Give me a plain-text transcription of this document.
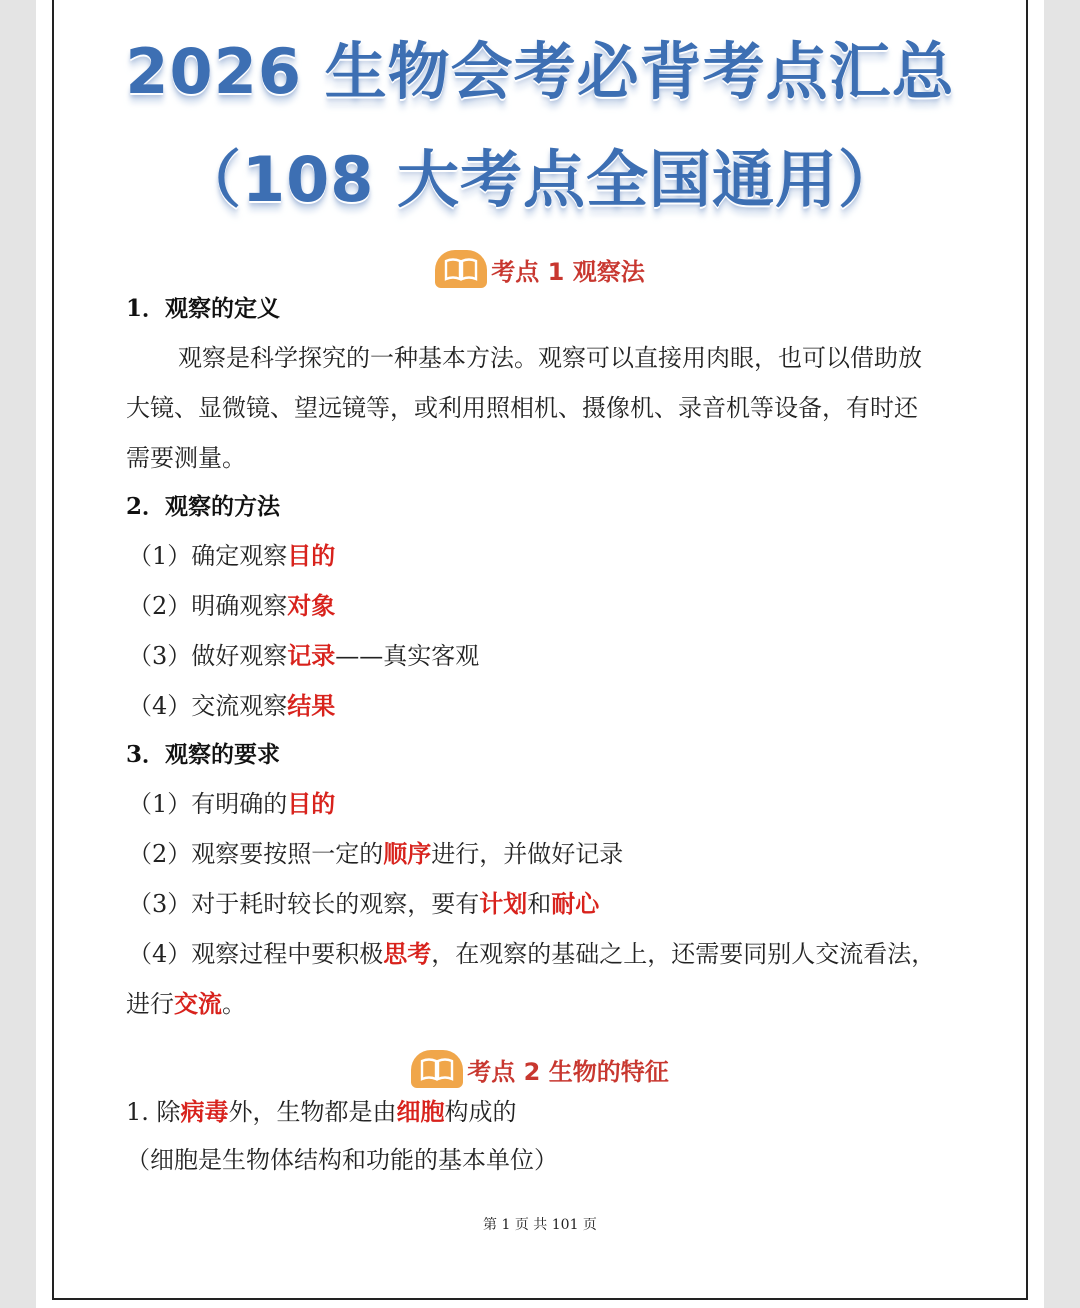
2026 生物会考必背考点汇总
（108 大考点全国通用）
考点 1 观察法
1．观察的定义
观察是科学探究的一种基本方法。观察可以直接用肉眼，也可以借助放
大镜、显微镜、望远镜等，或利用照相机、摄像机、录音机等设备，有时还
需要测量。
2．观察的方法
（1）确定观察目的
（2）明确观察对象
（3）做好观察记录——真实客观
（4）交流观察结果
3．观察的要求
（1）有明确的目的
（2）观察要按照一定的顺序进行，并做好记录
（3）对于耗时较长的观察，要有计划和耐心
（4）观察过程中要积极思考，在观察的基础之上，还需要同别人交流看法，
进行交流。
考点 2 生物的特征
1. 除病毒外，生物都是由细胞构成的
（细胞是生物体结构和功能的基本单位）
第 1 页 共 101 页
